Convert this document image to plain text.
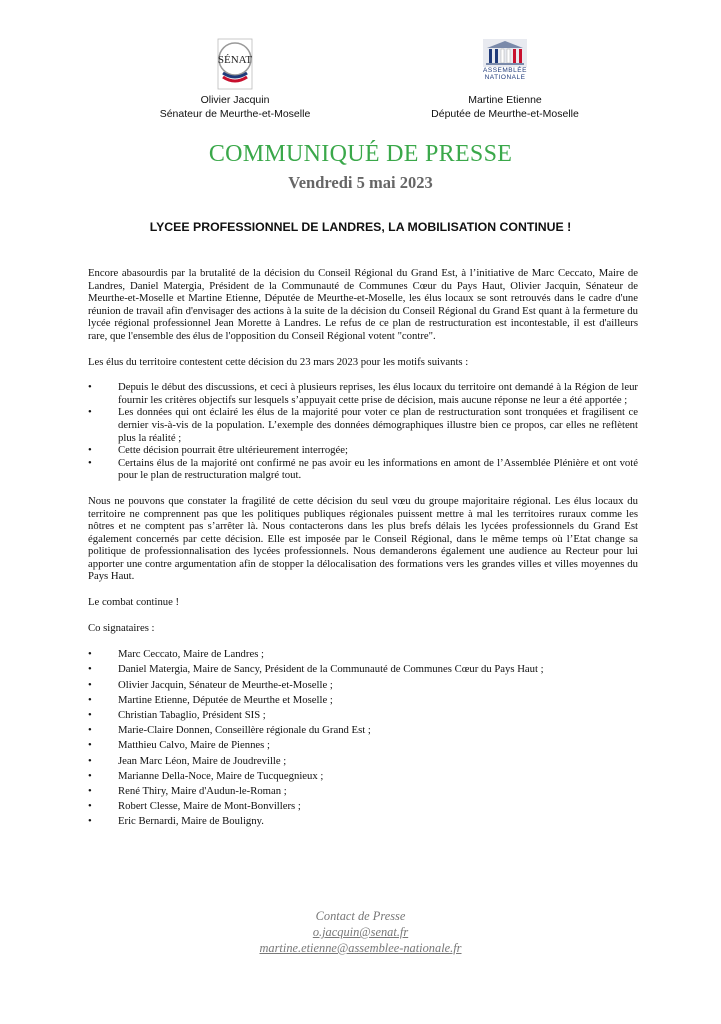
SÉNAT
Olivier Jacquin
Sénateur de Meurthe-et-Moselle
ASSEMBLÉE
NATIONALE
Martine Etienne
Députée de Meurthe-et-Moselle
COMMUNIQUÉ DE PRESSE
Vendredi 5 mai 2023
LYCEE PROFESSIONNEL DE LANDRES, LA MOBILISATION CONTINUE !

Encore abasourdis par la brutalité de la décision du Conseil Régional du Grand Est, à l’initiative de Marc Ceccato, Maire de Landres, Daniel Matergia, Président de la Communauté de Communes Cœur du Pays Haut, Olivier Jacquin, Sénateur de Meurthe-et-Moselle et Martine Etienne, Députée de Meurthe-et-Moselle, les élus locaux se sont retrouvés dans le cadre d'une réunion de travail afin d'envisager des actions à la suite de la décision du Conseil Régional du Grand Est quant à la fermeture du lycée régional professionnel Jean Morette à Landres. Le refus de ce plan de restructuration est incontestable, il est d'ailleurs rare, que l'ensemble des élus de l'opposition du Conseil Régional votent "contre".

Les élus du territoire contestent cette décision du 23 mars 2023 pour les motifs suivants :

• Depuis le début des discussions, et ceci à plusieurs reprises, les élus locaux du territoire ont demandé à la Région de leur fournir les critères objectifs sur lesquels s’appuyait cette prise de décision, mais aucune réponse ne leur a été apportée ;
• Les données qui ont éclairé les élus de la majorité pour voter ce plan de restructuration sont tronquées et fragilisent ce dernier vis-à-vis de la population. L’exemple des données démographiques illustre bien ce propos, car elles ne reflètent plus la réalité ;
• Cette décision pourrait être ultérieurement interrogée;
• Certains élus de la majorité ont confirmé ne pas avoir eu les informations en amont de l’Assemblée Plénière et ont voté pour le plan de restructuration malgré tout.

Nous ne pouvons que constater la fragilité de cette décision du seul vœu du groupe majoritaire régional. Les élus locaux du territoire ne comprennent pas que les politiques publiques régionales puissent mettre à mal les territoires ruraux comme les nôtres et ne comptent pas s’arrêter là. Nous contacterons dans les plus brefs délais les lycées professionnels du Grand Est également concernés par cette décision. Elle est imposée par le Conseil Régional, dans le même temps où l’Etat change sa politique de professionnalisation des lycées professionnels. Nous demanderons également une audience au Recteur pour lui apporter une contre argumentation afin de stopper la délocalisation des formations vers les grandes villes et villes moyennes du Pays Haut.

Le combat continue !

Co signataires :

• Marc Ceccato, Maire de Landres ;
• Daniel Matergia, Maire de Sancy, Président de la Communauté de Communes Cœur du Pays Haut ;
• Olivier Jacquin, Sénateur de Meurthe-et-Moselle ;
• Martine Etienne, Députée de Meurthe et Moselle ;
• Christian Tabaglio, Président SIS ;
• Marie-Claire Donnen, Conseillère régionale du Grand Est ;
• Matthieu Calvo, Maire de Piennes ;
• Jean Marc Léon, Maire de Joudreville ;
• Marianne Della-Noce, Maire de Tucquegnieux ;
• René Thiry, Maire d'Audun-le-Roman ;
• Robert Clesse, Maire de Mont-Bonvillers ;
• Eric Bernardi, Maire de Bouligny.
Contact de Presse
o.jacquin@senat.fr
martine.etienne@assemblee-nationale.fr
